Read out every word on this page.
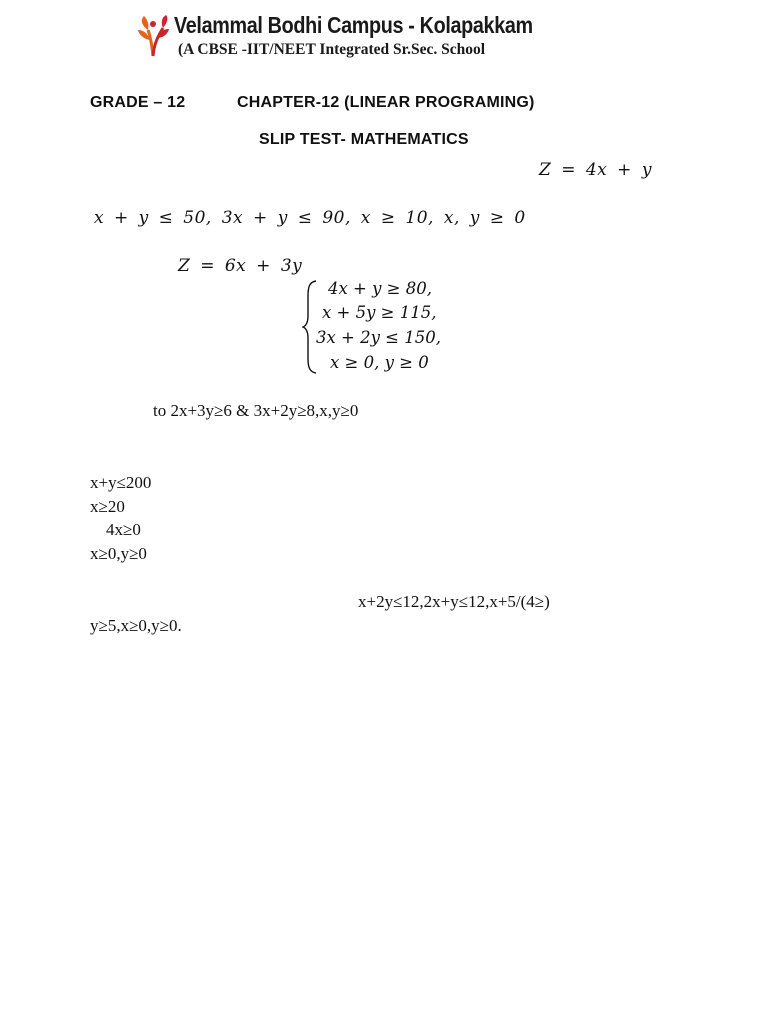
Velammal Bodhi Campus - Kolapakkam
(A CBSE -IIT/NEET Integrated Sr.Sec. School
GRADE – 12	CHAPTER-12 (LINEAR PROGRAMING)
SLIP TEST- MATHEMATICS
Z = 4x + y
x + y ≤ 50, 3x + y ≤ 90, x ≥ 10, x, y ≥ 0
Z = 6x + 3y
4x + y ≥ 80,
x + 5y ≥ 115,
3x + 2y ≤ 150,
x ≥ 0, y ≥ 0
to 2x+3y≥6 & 3x+2y≥8,x,y≥0
x+y≤200
x≥20
4x≥0
x≥0,y≥0
x+2y≤12,2x+y≤12,x+5/(4≥)
y≥5,x≥0,y≥0.
